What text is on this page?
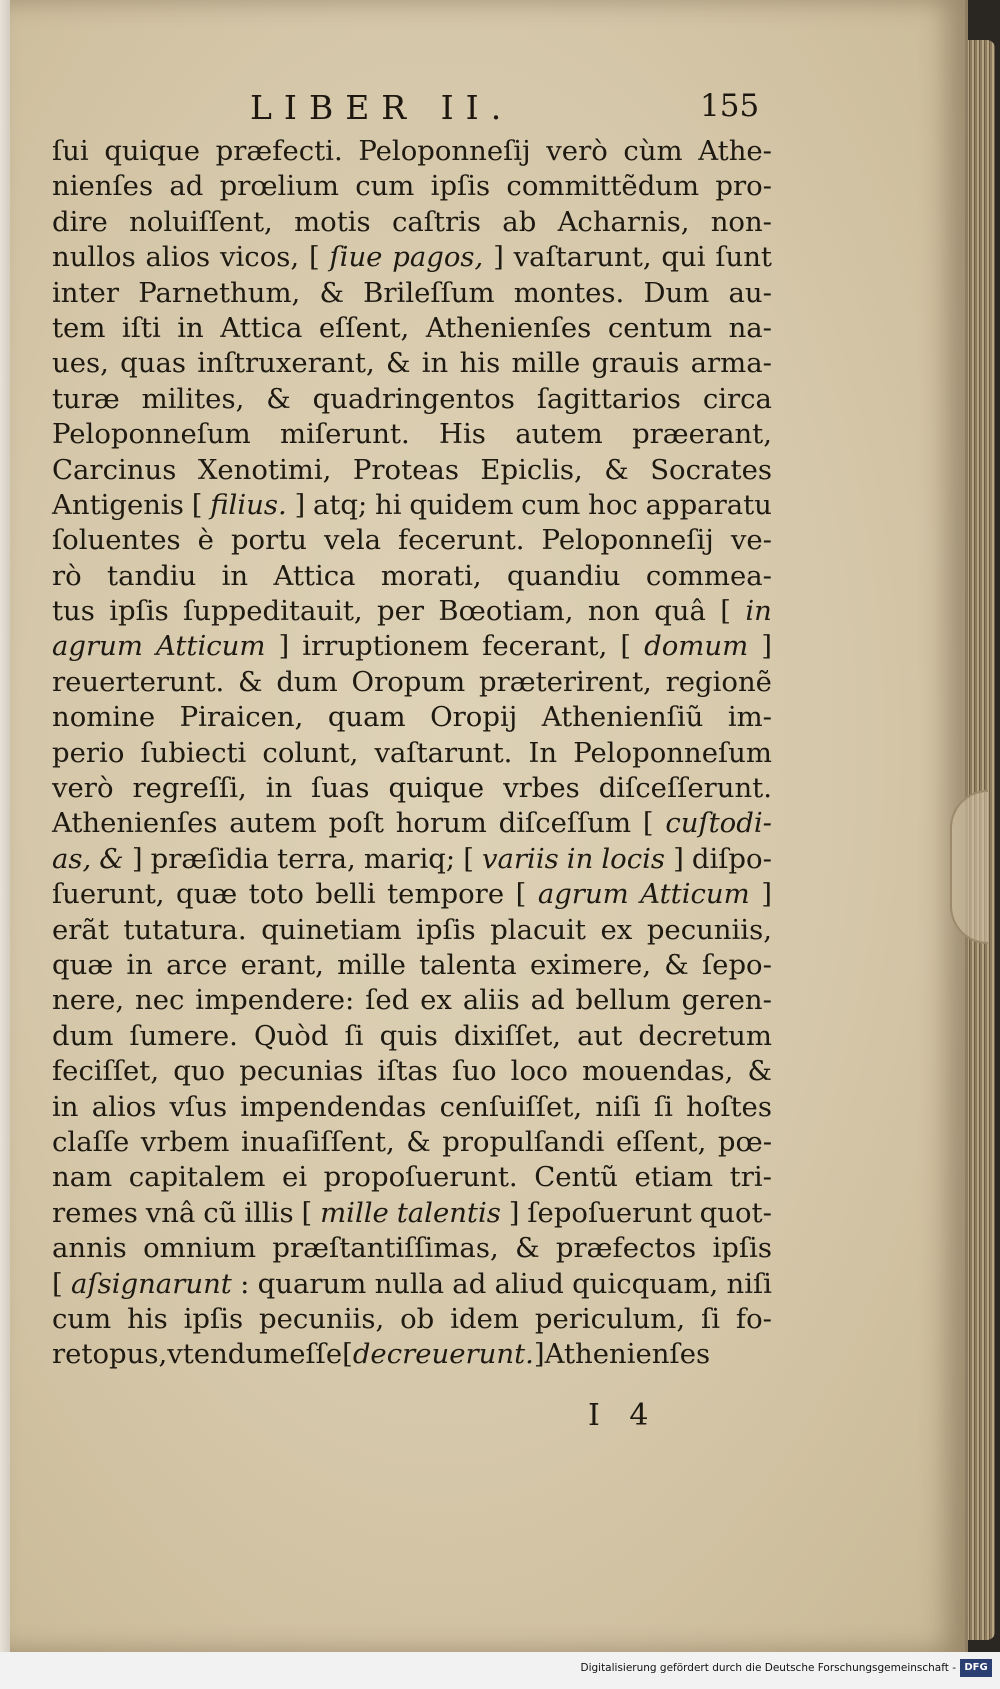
LIBER II.	155
ſui quique præfecti. Peloponneſij verò cùm Athe-
nienſes ad prœlium cum ipſis committẽdum pro-
dire noluiſſent, motis caſtris ab Acharnis, non-
nullos alios vicos, [ ſiue pagos, ] vaſtarunt, qui ſunt
inter Parnethum, & Brileſſum montes. Dum au-
tem iſti in Attica eſſent, Athenienſes centum na-
ues, quas inſtruxerant, & in his mille grauis arma-
turæ milites, & quadringentos ſagittarios circa
Peloponneſum miſerunt. His autem præerant,
Carcinus Xenotimi, Proteas Epiclis, & Socrates
Antigenis [ filius. ] atq; hi quidem cum hoc apparatu
ſoluentes è portu vela fecerunt. Peloponneſij ve-
rò tandiu in Attica morati, quandiu commea-
tus ipſis ſuppeditauit, per Bœotiam, non quâ [ in
agrum Atticum ] irruptionem fecerant, [ domum ]
reuerterunt. & dum Oropum præterirent, regionẽ
nomine Piraicen, quam Oropij Athenienſiũ im-
perio ſubiecti colunt, vaſtarunt. In Peloponneſum
verò regreſſi, in ſuas quique vrbes diſceſſerunt.
Athenienſes autem poſt horum diſceſſum [ cuſtodi-
as, & ] præſidia terra, mariq; [ variis in locis ] diſpo-
ſuerunt, quæ toto belli tempore [ agrum Atticum ]
erãt tutatura. quinetiam ipſis placuit ex pecuniis,
quæ in arce erant, mille talenta eximere, & ſepo-
nere, nec impendere: ſed ex aliis ad bellum geren-
dum ſumere. Quòd ſi quis dixiſſet, aut decretum
feciſſet, quo pecunias iſtas ſuo loco mouendas, &
in alios vſus impendendas cenſuiſſet, niſi ſi hoſtes
claſſe vrbem inuaſiſſent, & propulſandi eſſent, pœ-
nam capitalem ei propoſuerunt. Centũ etiam tri-
remes vnâ cũ illis [ mille talentis ] ſepoſuerunt quot-
annis omnium præſtantiſſimas, & præfectos ipſis
[ aſsignarunt : quarum nulla ad aliud quicquam, niſi
cum his ipſis pecuniis, ob idem periculum, ſi fo-
ret opus, vtendum eſſe [ decreuerunt. ] Athenienſes
I 4
Digitalisierung gefördert durch die Deutsche Forschungsgemeinschaft - DFG
